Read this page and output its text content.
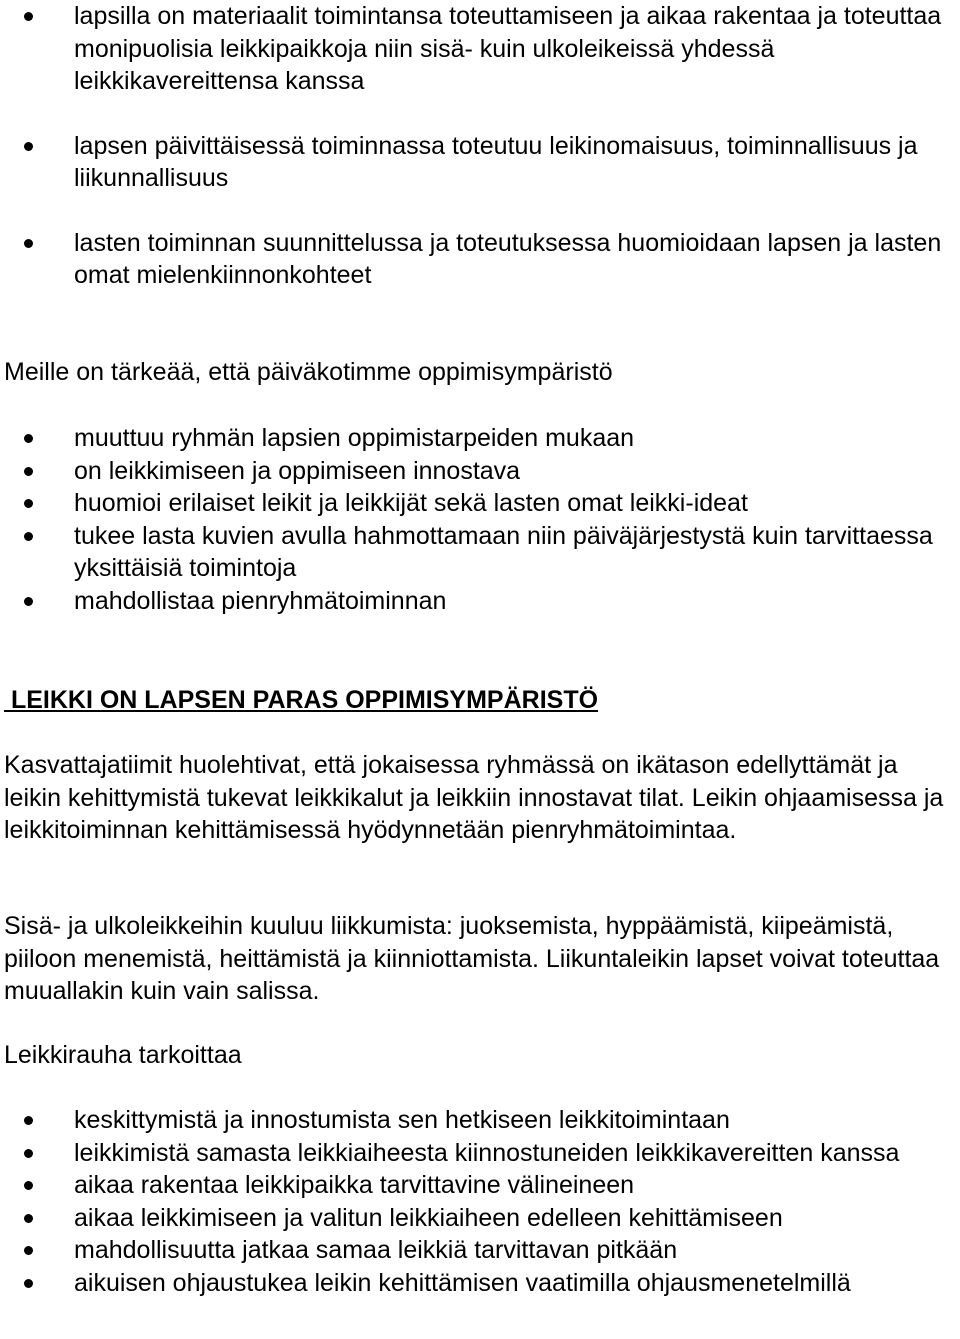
lapsilla on materiaalit toimintansa toteuttamiseen ja aikaa rakentaa ja toteuttaa monipuolisia leikkipaikkoja niin sisä- kuin ulkoleikeissä yhdessä leikkikavereittensa kanssa
lapsen päivittäisessä toiminnassa toteutuu leikinomaisuus, toiminnallisuus ja liikunnallisuus
lasten toiminnan suunnittelussa ja toteutuksessa huomioidaan lapsen ja lasten omat mielenkiinnonkohteet

Meille on tärkeää, että päiväkotimme oppimisympäristö

muuttuu ryhmän lapsien oppimistarpeiden mukaan
on leikkimiseen ja oppimiseen innostava
huomioi erilaiset leikit ja leikkijät sekä lasten omat leikki-ideat
tukee lasta kuvien avulla hahmottamaan niin päiväjärjestystä kuin tarvittaessa yksittäisiä toimintoja
mahdollistaa pienryhmätoiminnan

LEIKKI ON LAPSEN PARAS OPPIMISYMPÄRISTÖ

Kasvattajatiimit huolehtivat, että jokaisessa ryhmässä on ikätason edellyttämät ja leikin kehittymistä tukevat leikkikalut ja leikkiin innostavat tilat. Leikin ohjaamisessa ja leikkitoiminnan kehittämisessä hyödynnetään pienryhmätoimintaa.

Sisä- ja ulkoleikkeihin kuuluu liikkumista: juoksemista, hyppäämistä, kiipeämistä, piiloon menemistä, heittämistä ja kiinniottamista. Liikuntaleikin lapset voivat toteuttaa muuallakin kuin vain salissa.

Leikkirauha tarkoittaa

keskittymistä ja innostumista sen hetkiseen leikkitoimintaan
leikkimistä samasta leikkiaiheesta kiinnostuneiden leikkikavereitten kanssa
aikaa rakentaa leikkipaikka tarvittavine välineineen
aikaa leikkimiseen ja valitun leikkiaiheen edelleen kehittämiseen
mahdollisuutta jatkaa samaa leikkiä tarvittavan pitkään
aikuisen ohjaustukea leikin kehittämisen vaatimilla ohjausmenetelmillä
